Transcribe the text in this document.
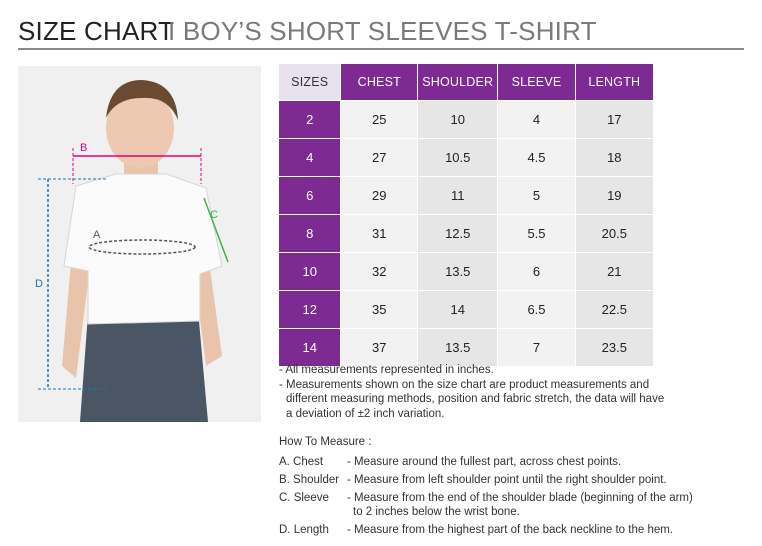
SIZE CHART
I BOY’S SHORT SLEEVES T-SHIRT
B
C
A
D
SIZES	CHEST	SHOULDER	SLEEVE	LENGTH
2	25	10	4	17
4	27	10.5	4.5	18
6	29	11	5	19
8	31	12.5	5.5	20.5
10	32	13.5	6	21
12	35	14	6.5	22.5
14	37	13.5	7	23.5

- All measurements represented in inches.

- Measurements shown on the size chart are product measurements and

different measuring methods, position and fabric stretch, the data will have

a deviation of ±2 inch variation.

How To Measure :

A. Chest	- Measure around the fullest part, across chest points.
B. Shoulder - Measure from left shoulder point until the right shoulder point.
C. Sleeve	- Measure from the end of the shoulder blade (beginning of the arm)
to 2 inches below the wrist bone.
D. Length	- Measure from the highest part of the back neckline to the hem.
